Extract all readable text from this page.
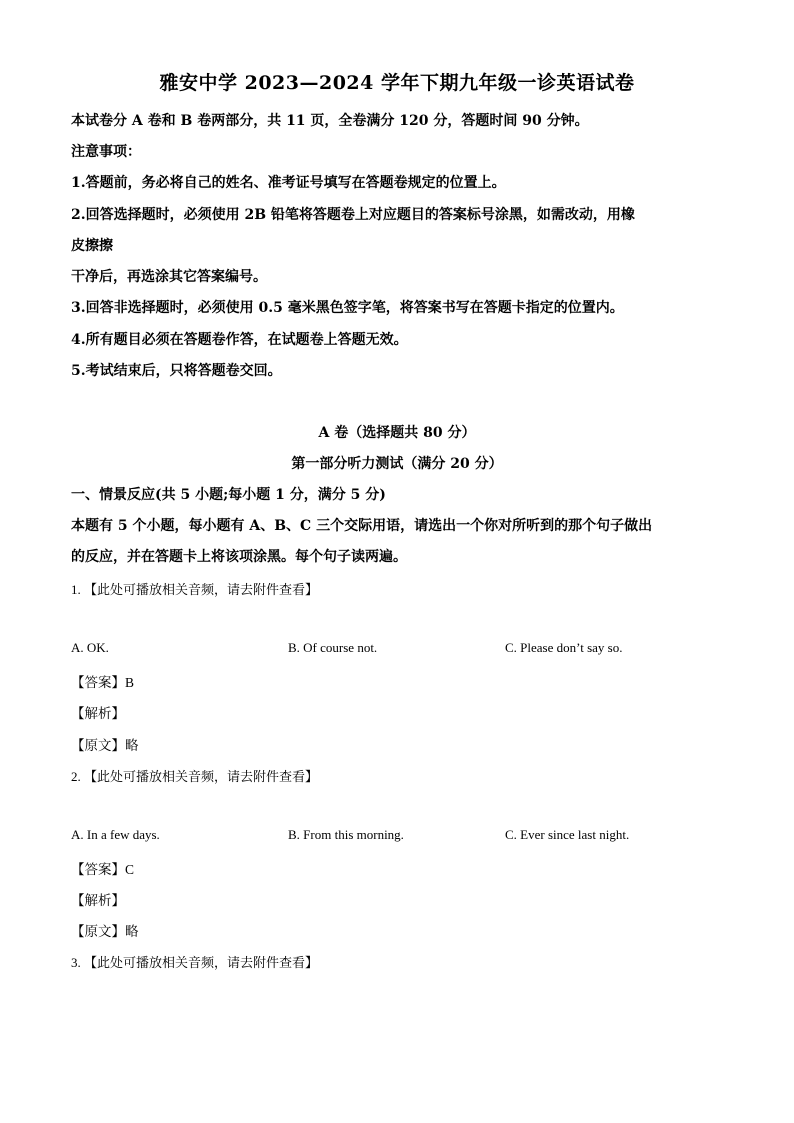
雅安中学 2023—2024 学年下期九年级一诊英语试卷
本试卷分 A 卷和 B 卷两部分，共 11 页，全卷满分 120 分，答题时间 90 分钟。
注意事项：
1.答题前，务必将自己的姓名、准考证号填写在答题卷规定的位置上。
2.回答选择题时，必须使用 2B 铅笔将答题卷上对应题目的答案标号涂黑，如需改动，用橡
皮擦擦
干净后，再选涂其它答案编号。
3.回答非选择题时，必须使用 0.5 毫米黑色签字笔，将答案书写在答题卡指定的位置内。
4.所有题目必须在答题卷作答，在试题卷上答题无效。
5.考试结束后，只将答题卷交回。
A 卷（选择题共 80 分）
第一部分听力测试（满分 20 分）
一、情景反应(共 5 小题;每小题 1 分，满分 5 分)
本题有 5 个小题，每小题有 A、B、C 三个交际用语，请选出一个你对所听到的那个句子做出
的反应，并在答题卡上将该项涂黑。每个句子读两遍。
1. 【此处可播放相关音频，请去附件查看】
A. OK.	B. Of course not.	C. Please don’t say so.
【答案】B
【解析】
【原文】略
2. 【此处可播放相关音频，请去附件查看】
A. In a few days.	B. From this morning.	C. Ever since last night.
【答案】C
【解析】
【原文】略
3. 【此处可播放相关音频，请去附件查看】
